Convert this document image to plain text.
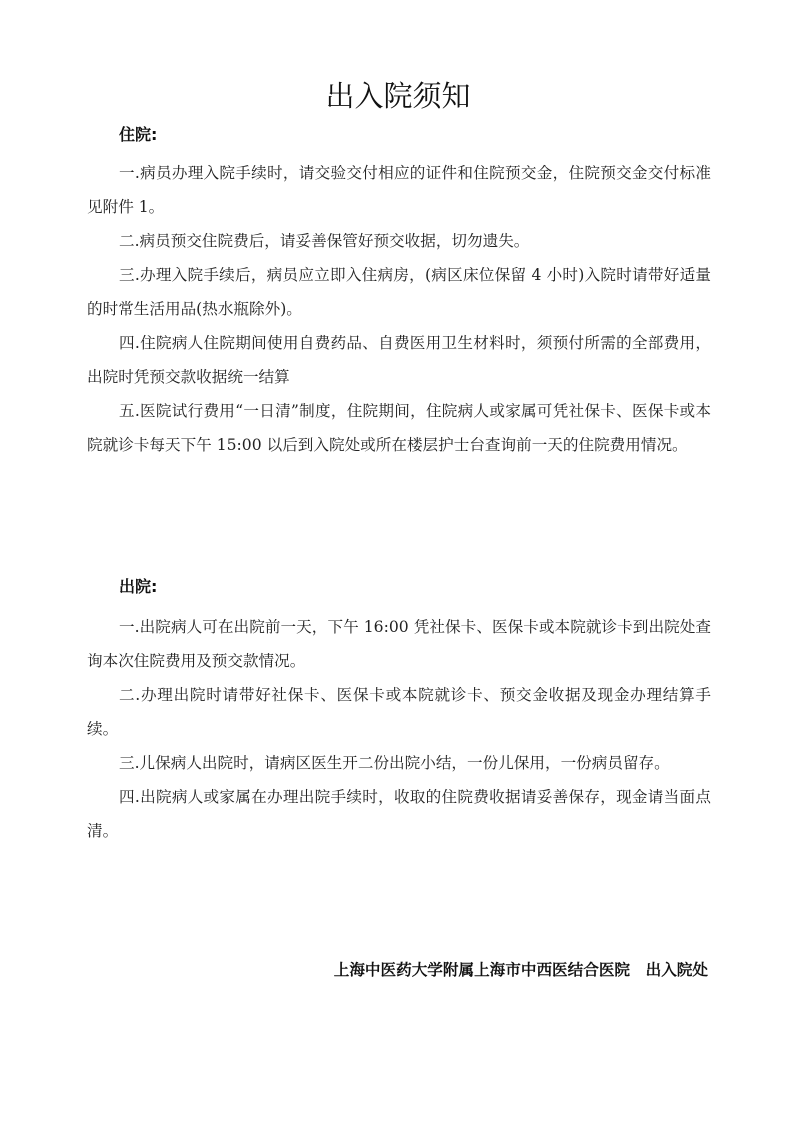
出入院须知
住院:

一.病员办理入院手续时，请交验交付相应的证件和住院预交金，住院预交金交付标准见附件 1。

二.病员预交住院费后，请妥善保管好预交收据，切勿遗失。

三.办理入院手续后，病员应立即入住病房，(病区床位保留 4 小时)入院时请带好适量的时常生活用品(热水瓶除外)。

四.住院病人住院期间使用自费药品、自费医用卫生材料时，须预付所需的全部费用，出院时凭预交款收据统一结算

五.医院试行费用“一日清”制度，住院期间，住院病人或家属可凭社保卡、医保卡或本院就诊卡每天下午 15:00 以后到入院处或所在楼层护士台查询前一天的住院费用情况。

出院:

一.出院病人可在出院前一天，下午 16:00 凭社保卡、医保卡或本院就诊卡到出院处查询本次住院费用及预交款情况。

二.办理出院时请带好社保卡、医保卡或本院就诊卡、预交金收据及现金办理结算手续。

三.儿保病人出院时，请病区医生开二份出院小结，一份儿保用，一份病员留存。

四.出院病人或家属在办理出院手续时，收取的住院费收据请妥善保存，现金请当面点清。

上海中医药大学附属上海市中西医结合医院　出入院处
